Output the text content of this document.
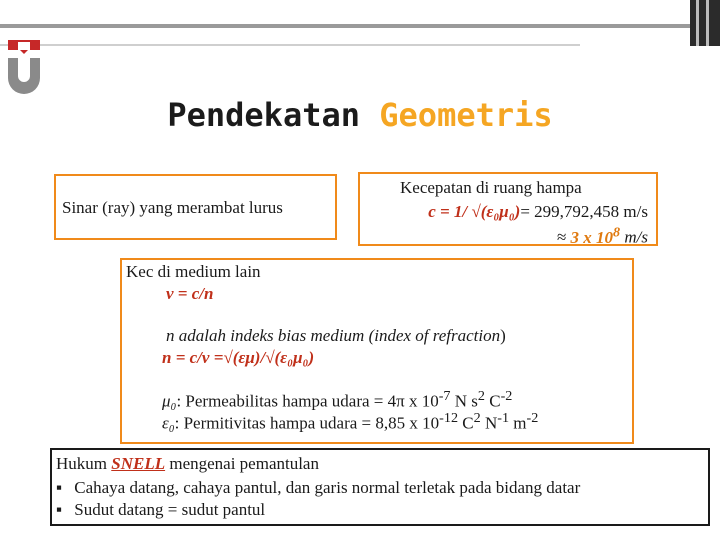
Pendekatan Geometris
Sinar (ray) yang merambat lurus
Kecepatan di ruang hampa
c = 1/ √(ε₀μ₀)= 299,792,458 m/s
≈ 3 x $10^8$ m/s
Kec di medium lain
v = c/n
n adalah indeks bias medium (index of refraction)
n = c/v =√(εμ)/√(ε₀μ₀)
μ₀: Permeabilitas hampa udara = 4π x $10^{-7}$ N $s^2$ $C^{-2}$
ε₀: Permitivitas hampa udara = 8,85 x $10^{-12}$ $C^2$ $N^{-1}$ $m^{-2}$
Hukum SNELL mengenai pemantulan
▪ Cahaya datang, cahaya pantul, dan garis normal terletak pada bidang datar
▪ Sudut datang = sudut pantul
